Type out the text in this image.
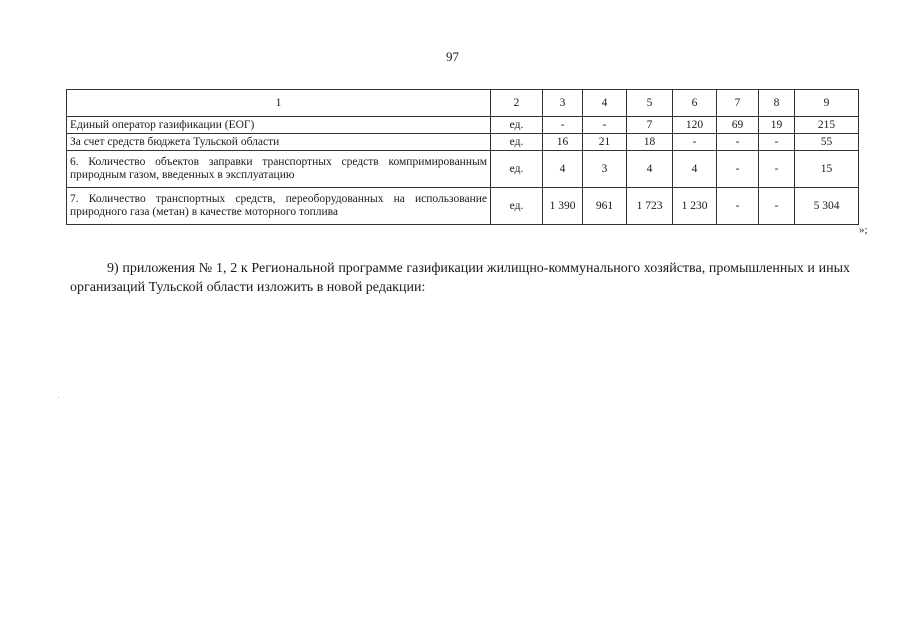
97
1	2	3	4	5	6	7	8	9
Единый оператор газификации (ЕОГ)	ед.	-	-	7	120	69	19	215
За счет средств бюджета Тульской области	ед.	16	21	18	-	-	-	55
6. Количество объектов заправки транспортных средств компримированным природным газом, введенных в эксплуатацию	ед.	4	3	4	4	-	-	15
7. Количество транспортных средств, переоборудованных на использование природного газа (метан) в качестве моторного топлива	ед.	1 390	961	1 723	1 230	-	-	5 304
»;
9) приложения № 1, 2 к Региональной программе газификации жилищно-коммунального хозяйства, промышленных и иных организаций Тульской области изложить в новой редакции:
